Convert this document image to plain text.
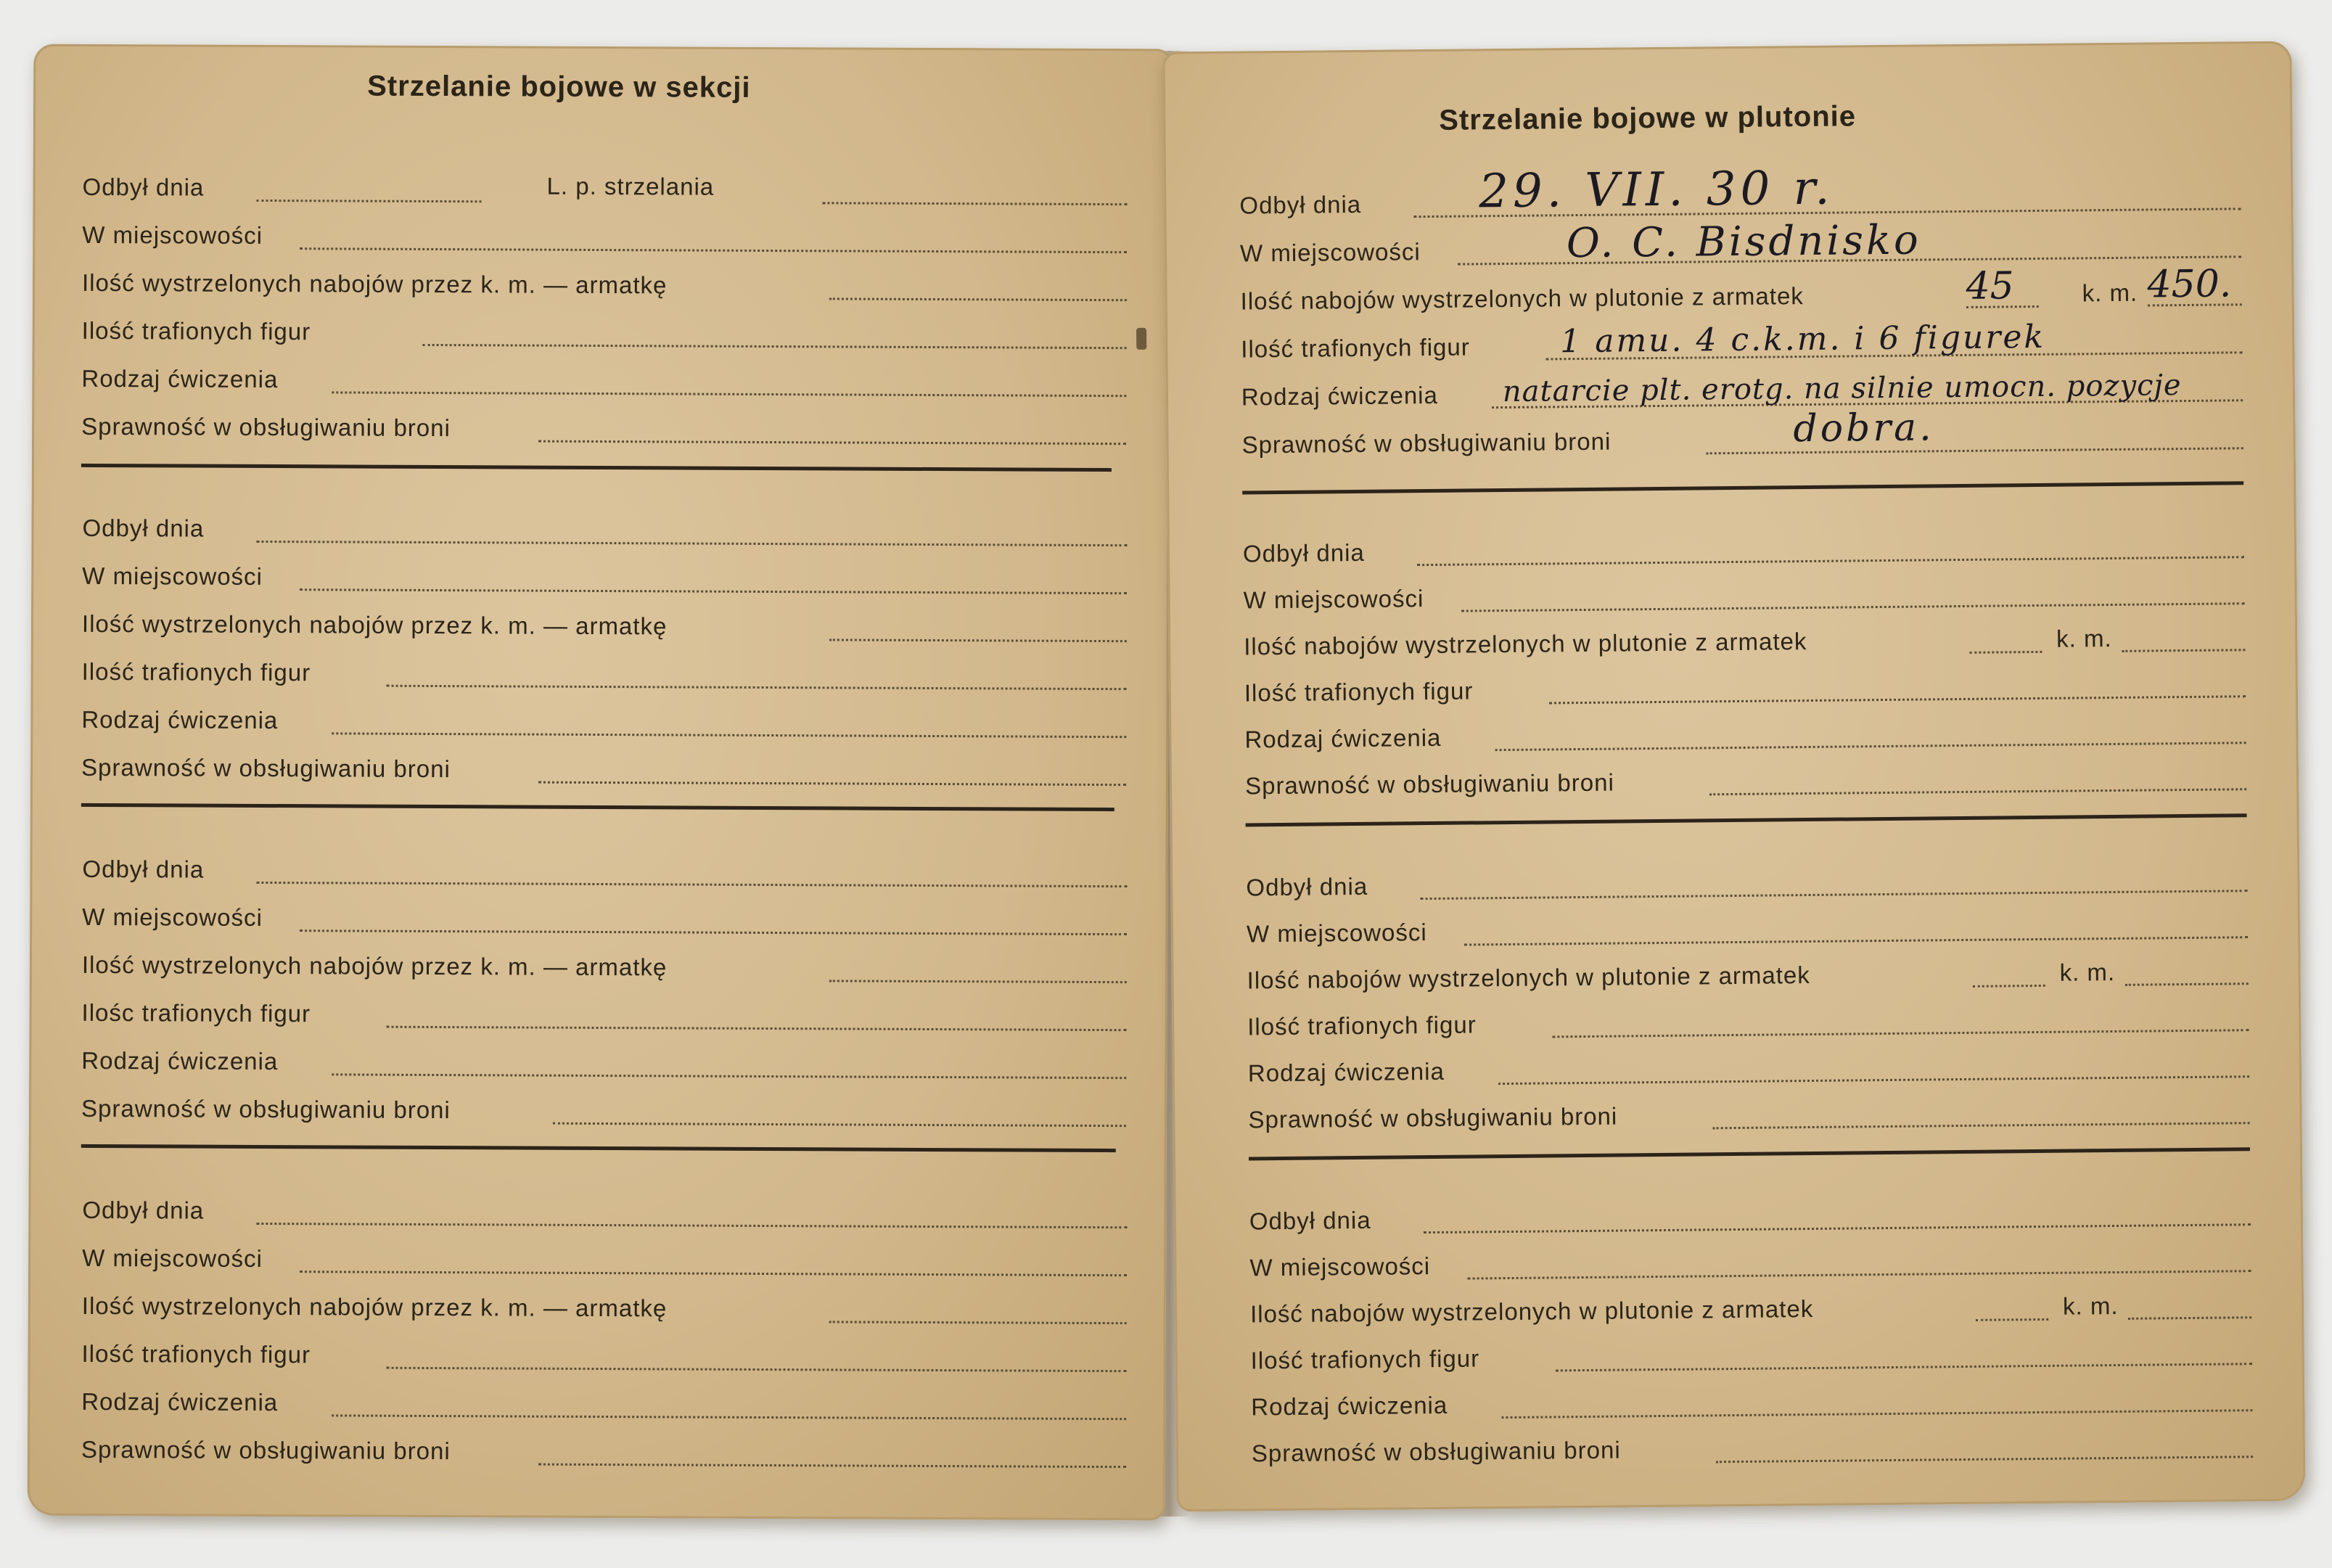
Strzelanie bojowe w sekcji
Odbył dnia	L. p. strzelania
W miejscowości
Ilość wystrzelonych nabojów przez k. m. — armatkę
Ilość trafionych figur
Rodzaj ćwiczenia
Sprawność w obsługiwaniu broni
Odbył dnia
W miejscowości
Ilość wystrzelonych nabojów przez k. m. — armatkę
Ilość trafionych figur
Rodzaj ćwiczenia
Sprawność w obsługiwaniu broni
Odbył dnia
W miejscowości
Ilość wystrzelonych nabojów przez k. m. — armatkę
Ilośc trafionych figur
Rodzaj ćwiczenia
Sprawność w obsługiwaniu broni
Odbył dnia
W miejscowości
Ilość wystrzelonych nabojów przez k. m. — armatkę
Ilość trafionych figur
Rodzaj ćwiczenia
Sprawność w obsługiwaniu broni
Strzelanie bojowe w plutonie
Odbył dnia	29. VII. 30 r.
W miejscowości	O. C. Bisdnisko
Ilość nabojów wystrzelonych w plutonie z armatek	45	k. m. 450.
Ilość trafionych figur	1 amu. 4 c.k.m. i 6 figurek
Rodzaj ćwiczenia natarcie plt. erotg. na silnie umocn. pozycje
Sprawność w obsługiwaniu broni	dobra.
Odbył dnia
W miejscowości
Ilość nabojów wystrzelonych w plutonie z armatek	k. m.
Ilość trafionych figur
Rodzaj ćwiczenia
Sprawność w obsługiwaniu broni
Odbył dnia
W miejscowości
Ilość nabojów wystrzelonych w plutonie z armatek	k. m.
Ilość trafionych figur
Rodzaj ćwiczenia
Sprawność w obsługiwaniu broni
Odbył dnia
W miejscowości
Ilość nabojów wystrzelonych w plutonie z armatek	k. m.
Ilość trafionych figur
Rodzaj ćwiczenia
Sprawność w obsługiwaniu broni
